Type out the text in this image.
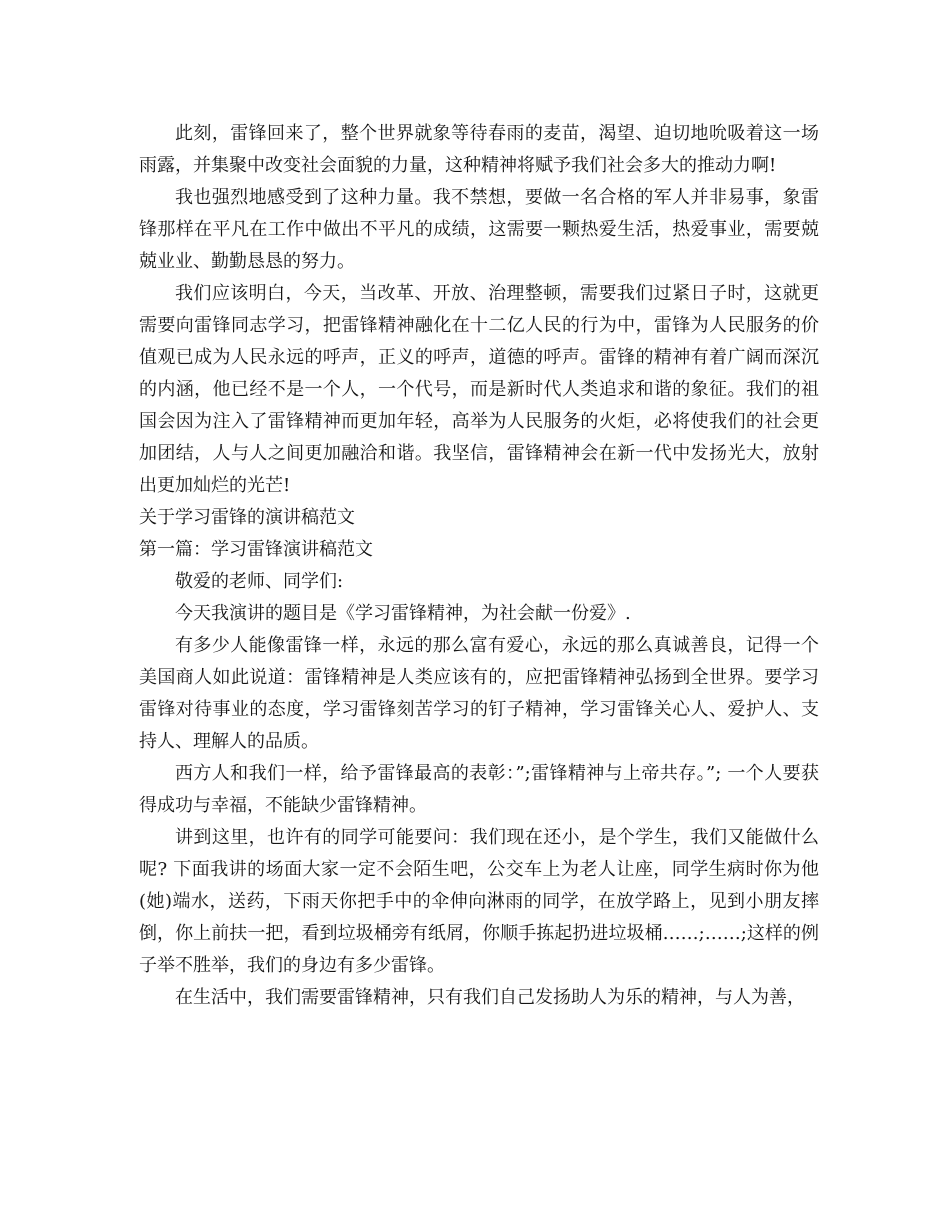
此刻，雷锋回来了，整个世界就象等待春雨的麦苗，渴望、迫切地吮吸着这一场雨露，并集聚中改变社会面貌的力量，这种精神将赋予我们社会多大的推动力啊!

我也强烈地感受到了这种力量。我不禁想，要做一名合格的军人并非易事，象雷锋那样在平凡在工作中做出不平凡的成绩，这需要一颗热爱生活，热爱事业，需要兢兢业业、勤勤恳恳的努力。

我们应该明白，今天，当改革、开放、治理整顿，需要我们过紧日子时，这就更需要向雷锋同志学习，把雷锋精神融化在十二亿人民的行为中，雷锋为人民服务的价值观已成为人民永远的呼声，正义的呼声，道德的呼声。雷锋的精神有着广阔而深沉的内涵，他已经不是一个人，一个代号，而是新时代人类追求和谐的象征。我们的祖国会因为注入了雷锋精神而更加年轻，高举为人民服务的火炬，必将使我们的社会更加团结，人与人之间更加融洽和谐。我坚信，雷锋精神会在新一代中发扬光大，放射出更加灿烂的光芒!

关于学习雷锋的演讲稿范文

第一篇：学习雷锋演讲稿范文

敬爱的老师、同学们:

今天我演讲的题目是《学习雷锋精神，为社会献一份爱》.

有多少人能像雷锋一样，永远的那么富有爱心，永远的那么真诚善良，记得一个美国商人如此说道：雷锋精神是人类应该有的，应把雷锋精神弘扬到全世界。要学习雷锋对待事业的态度，学习雷锋刻苦学习的钉子精神，学习雷锋关心人、爱护人、支持人、理解人的品质。

西方人和我们一样，给予雷锋最高的表彰：”;雷锋精神与上帝共存。”; 一个人要获得成功与幸福，不能缺少雷锋精神。

讲到这里，也许有的同学可能要问：我们现在还小，是个学生，我们又能做什么呢? 下面我讲的场面大家一定不会陌生吧，公交车上为老人让座，同学生病时你为他(她)端水，送药，下雨天你把手中的伞伸向淋雨的同学，在放学路上，见到小朋友摔倒，你上前扶一把，看到垃圾桶旁有纸屑，你顺手拣起扔进垃圾桶……;……;这样的例子举不胜举，我们的身边有多少雷锋。

在生活中，我们需要雷锋精神，只有我们自己发扬助人为乐的精神，与人为善，
